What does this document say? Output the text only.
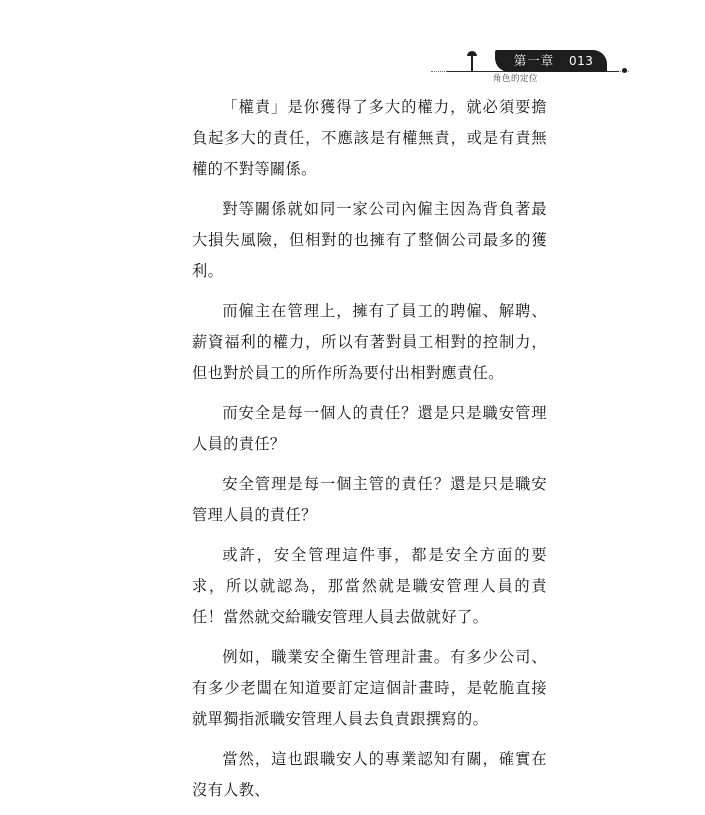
第一章	013
角色的定位

「權責」是你獲得了多大的權力，就必須要擔負起多大的責任，不應該是有權無責，或是有責無權的不對等關係。

對等關係就如同一家公司內僱主因為背負著最大損失風險，但相對的也擁有了整個公司最多的獲利。

而僱主在管理上，擁有了員工的聘僱、解聘、薪資福利的權力，所以有著對員工相對的控制力，但也對於員工的所作所為要付出相對應責任。

而安全是每一個人的責任？還是只是職安管理人員的責任？

安全管理是每一個主管的責任？還是只是職安管理人員的責任？

或許，安全管理這件事，都是安全方面的要求，所以就認為，那當然就是職安管理人員的責任！當然就交給職安管理人員去做就好了。

例如，職業安全衛生管理計畫。有多少公司、有多少老闆在知道要訂定這個計畫時，是乾脆直接就單獨指派職安管理人員去負責跟撰寫的。

當然，這也跟職安人的專業認知有關，確實在沒有人教、
